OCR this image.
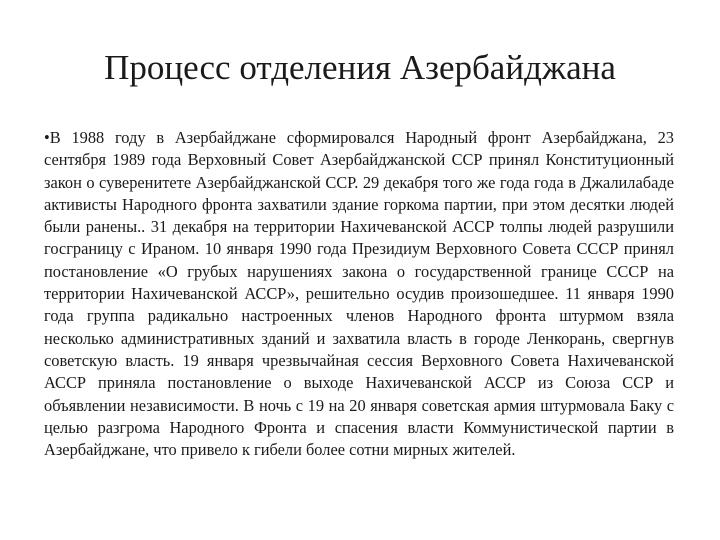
Процесс отделения Азербайджана

•В 1988 году в Азербайджане сформировался Народный фронт Азербайджана, 23 сентября 1989 года Верховный Совет Азербайджанской ССР принял Конституционный закон о суверенитете Азербайджанской ССР. 29 декабря того же года года в Джалилабаде активисты Народного фронта захватили здание горкома партии, при этом десятки людей были ранены.. 31 декабря на территории Нахичеванской АССР толпы людей разрушили госграницу с Ираном. 10 января 1990 года Президиум Верховного Совета СССР принял постановление «О грубых нарушениях закона о государственной границе СССР на территории Нахичеванской АССР», решительно осудив произошедшее. 11 января 1990 года группа радикально настроенных членов Народного фронта штурмом взяла несколько административных зданий и захватила власть в городе Ленкорань, свергнув советскую власть. 19 января чрезвычайная сессия Верховного Совета Нахичеванской АССР приняла постановление о выходе Нахичеванской АССР из Союза ССР и объявлении независимости. В ночь с 19 на 20 января советская армия штурмовала Баку с целью разгрома Народного Фронта и спасения власти Коммунистической партии в Азербайджане, что привело к гибели более сотни мирных жителей.
